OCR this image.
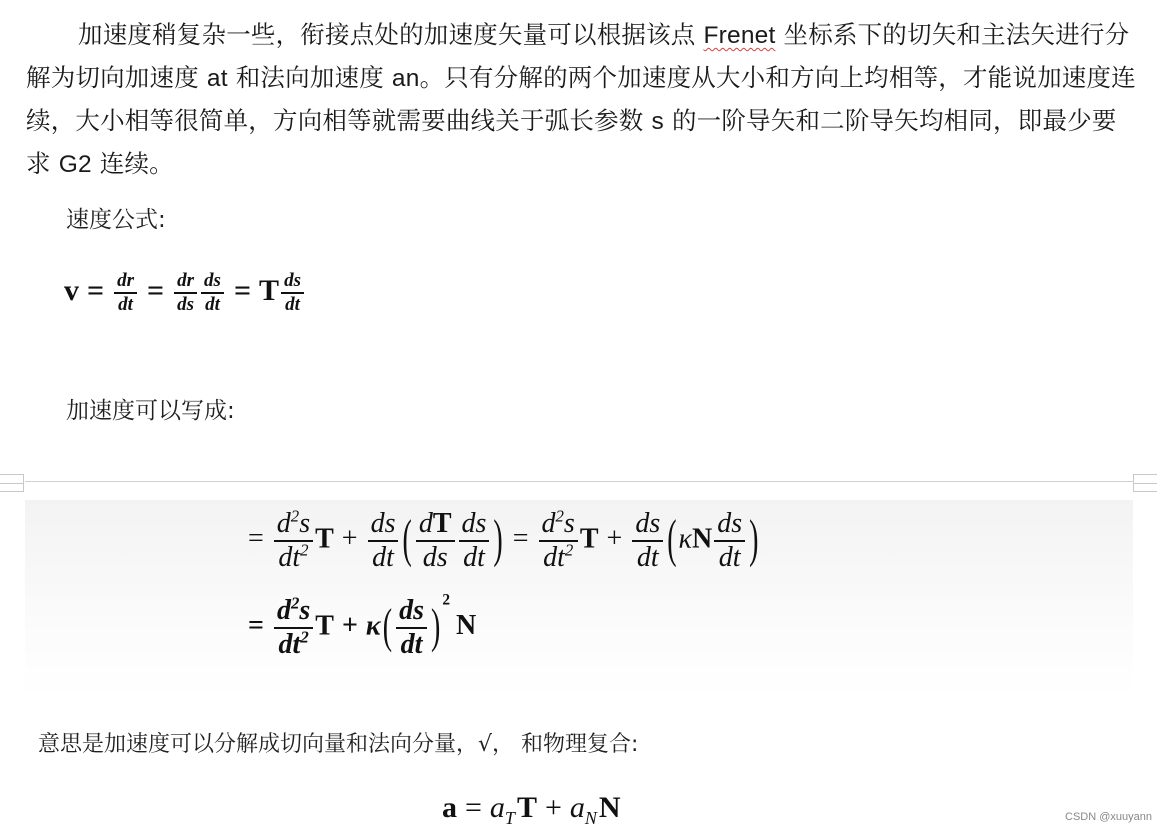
加速度稍复杂一些，衔接点处的加速度矢量可以根据该点 Frenet 坐标系下的切矢和主法矢进行分解为切向加速度 at 和法向加速度 an。只有分解的两个加速度从大小和方向上均相等，才能说加速度连续，大小相等很简单，方向相等就需要曲线关于弧长参数 s 的一阶导矢和二阶导矢均相同，即最少要求 G2 连续。
速度公式:
$v = \frac{dr}{dt} = \frac{dr}{ds} \frac{ds}{dt} = T \frac{ds}{dt}$
加速度可以写成:
= $\frac{d^2s}{dt^2}$ $T + \frac{ds}{dt}$ ( $\frac{dT}{ds} \frac{ds}{dt}$ ) = $\frac{d^2s}{dt^2}$ $T + \frac{ds}{dt} (\kappa N \frac{ds}{dt}$ )
= $\frac{d^2s}{dt^2}$ $T + \kappa( \frac{ds}{dt} )^2N$
意思是加速度可以分解成切向量和法向分量，√， 和物理复合:
$a = a_TT + a_NN$	CSDN @xuuyann
